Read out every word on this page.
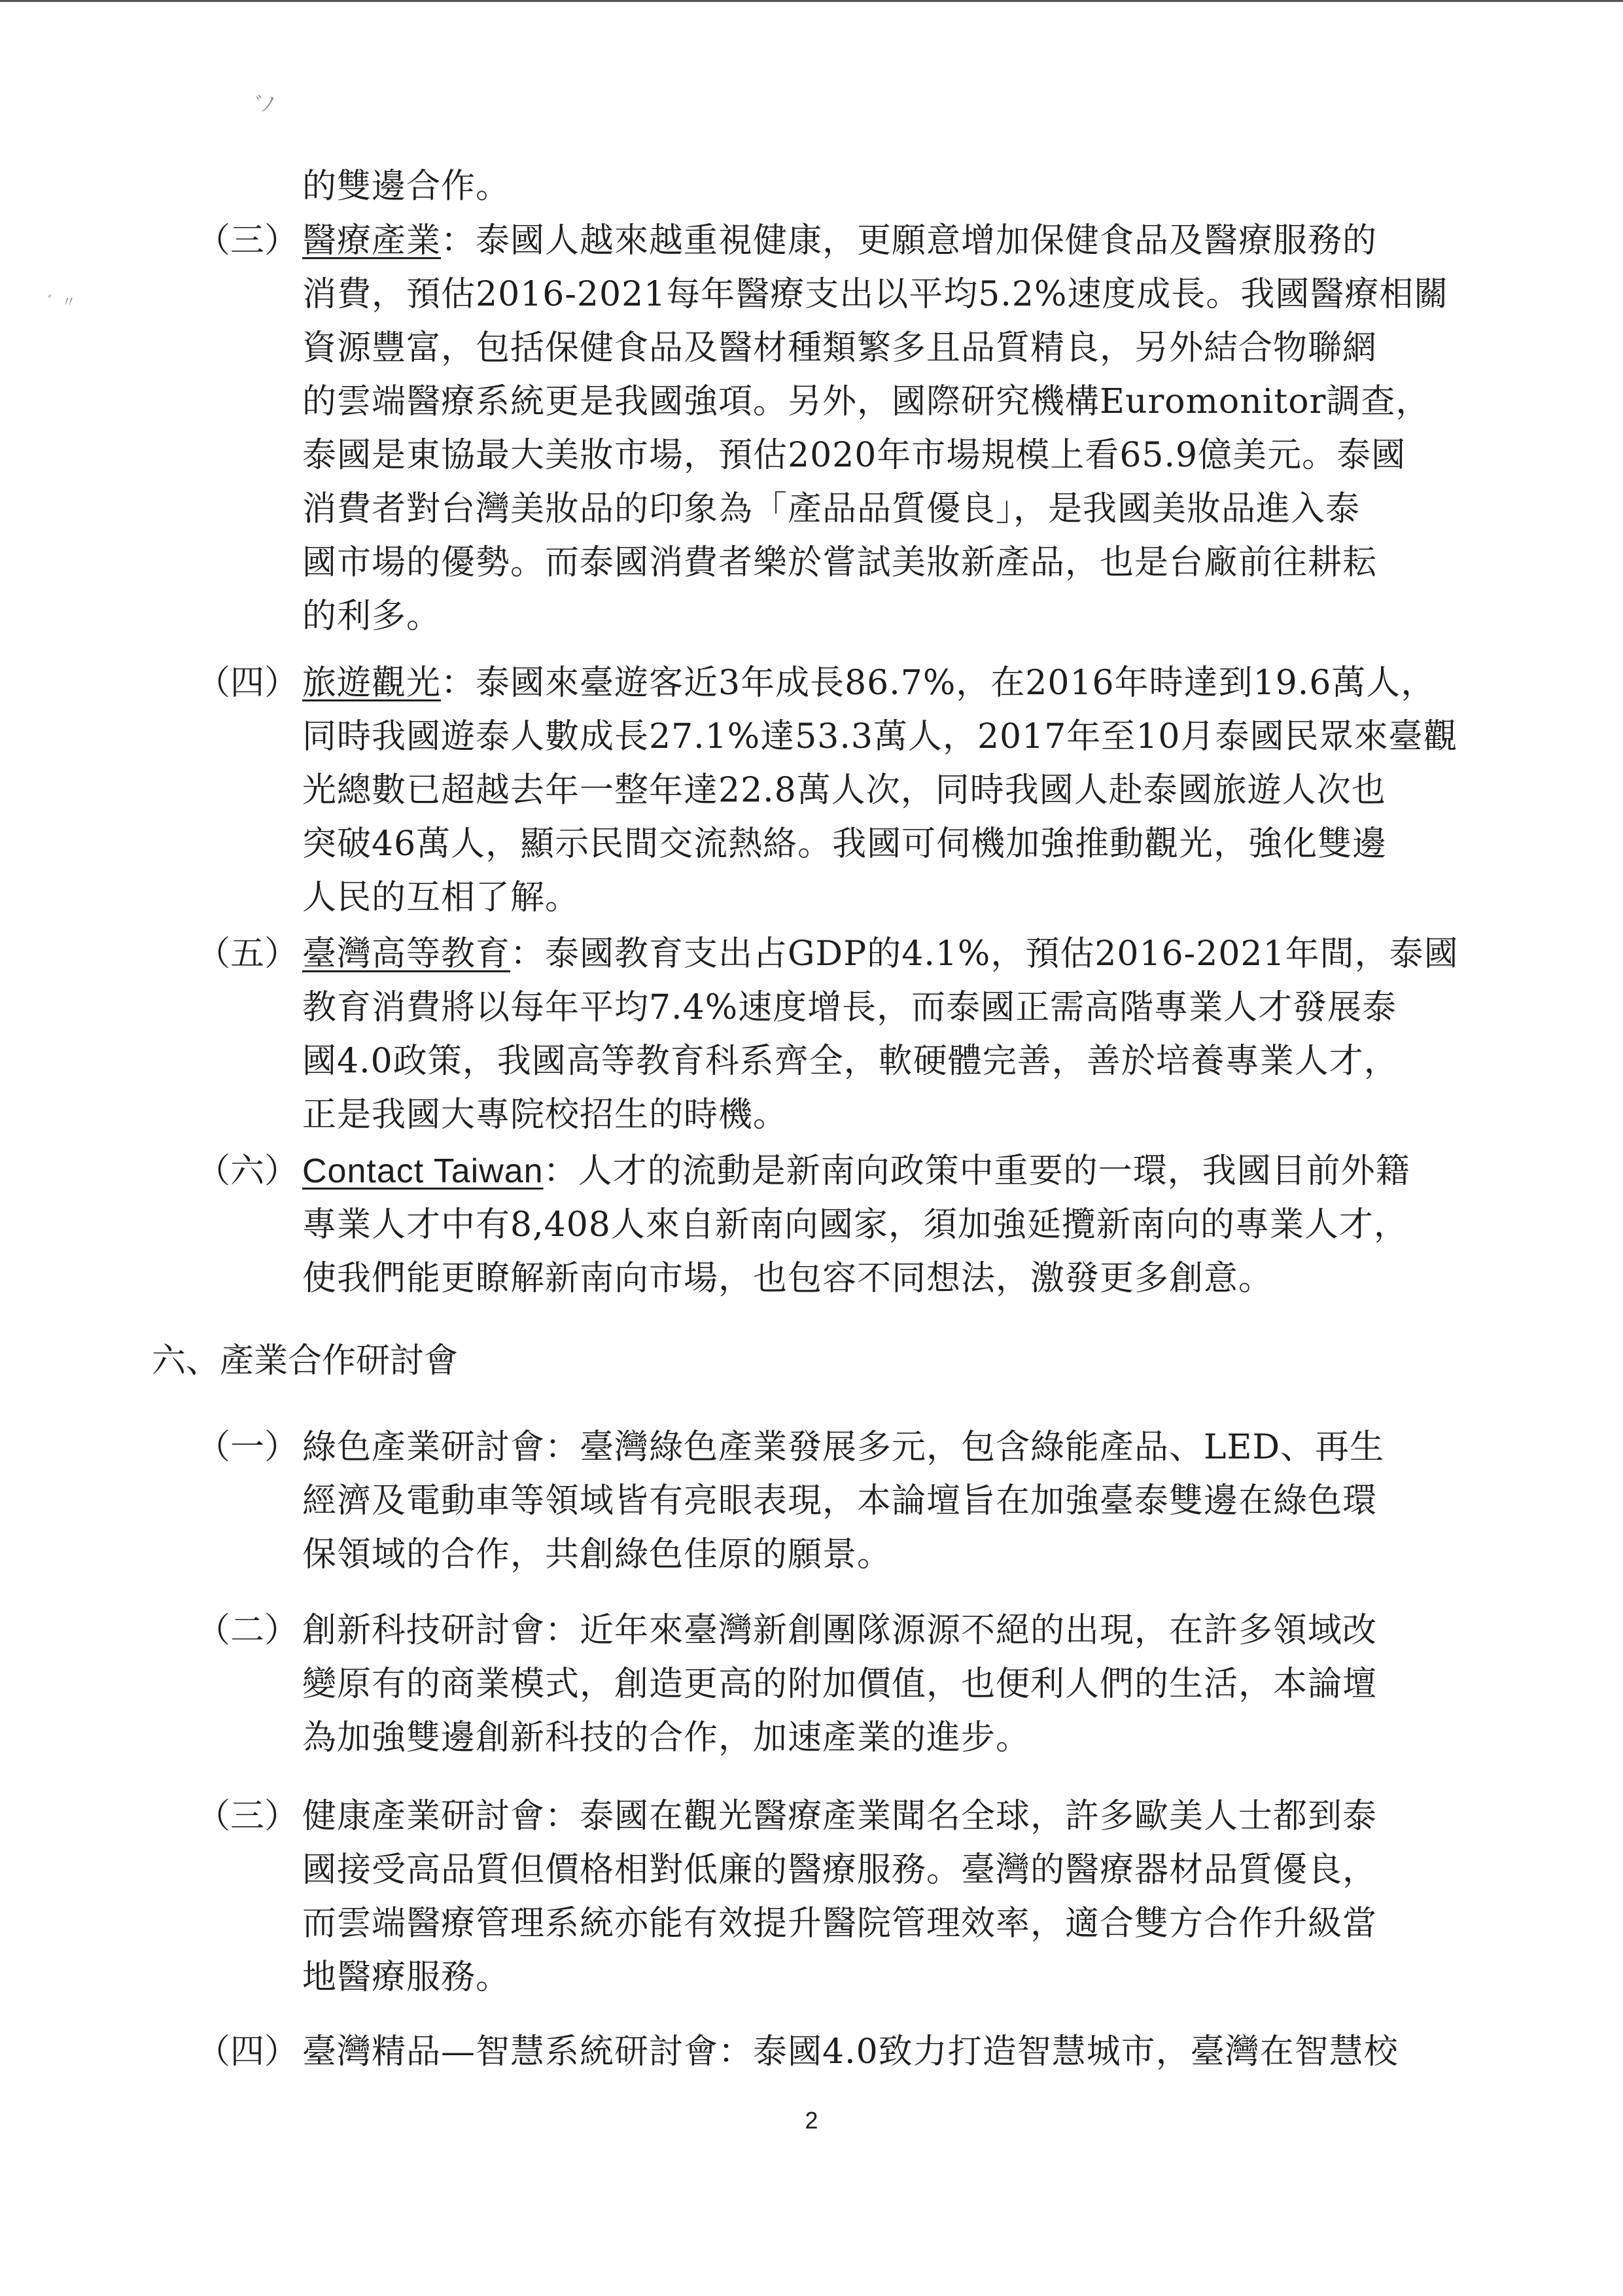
ﾞﾉ
゛〃
的雙邊合作。
（三） 醫療產業：泰國人越來越重視健康，更願意增加保健食品及醫療服務的
消費，預估2016-2021每年醫療支出以平均5.2%速度成長。我國醫療相關
資源豐富，包括保健食品及醫材種類繁多且品質精良，另外結合物聯網
的雲端醫療系統更是我國強項。另外，國際研究機構Euromonitor調查，
泰國是東協最大美妝市場，預估2020年市場規模上看65.9億美元。泰國
消費者對台灣美妝品的印象為「產品品質優良」，是我國美妝品進入泰
國市場的優勢。而泰國消費者樂於嘗試美妝新產品，也是台廠前往耕耘
的利多。
（四） 旅遊觀光：泰國來臺遊客近3年成長86.7%，在2016年時達到19.6萬人，
同時我國遊泰人數成長27.1%達53.3萬人，2017年至10月泰國民眾來臺觀
光總數已超越去年一整年達22.8萬人次，同時我國人赴泰國旅遊人次也
突破46萬人，顯示民間交流熱絡。我國可伺機加強推動觀光，強化雙邊
人民的互相了解。
（五） 臺灣高等教育：泰國教育支出占GDP的4.1%，預估2016-2021年間，泰國
教育消費將以每年平均7.4%速度增長，而泰國正需高階專業人才發展泰
國4.0政策，我國高等教育科系齊全，軟硬體完善，善於培養專業人才，
正是我國大專院校招生的時機。
（六） Contact Taiwan：人才的流動是新南向政策中重要的一環，我國目前外籍
專業人才中有8,408人來自新南向國家，須加強延攬新南向的專業人才，
使我們能更瞭解新南向市場，也包容不同想法，激發更多創意。
六、產業合作研討會
（一） 綠色產業研討會：臺灣綠色產業發展多元，包含綠能產品、LED、再生
經濟及電動車等領域皆有亮眼表現，本論壇旨在加強臺泰雙邊在綠色環
保領域的合作，共創綠色佳原的願景。
（二） 創新科技研討會：近年來臺灣新創團隊源源不絕的出現，在許多領域改
變原有的商業模式，創造更高的附加價值，也便利人們的生活，本論壇
為加強雙邊創新科技的合作，加速產業的進步。
（三） 健康產業研討會：泰國在觀光醫療產業聞名全球，許多歐美人士都到泰
國接受高品質但價格相對低廉的醫療服務。臺灣的醫療器材品質優良，
而雲端醫療管理系統亦能有效提升醫院管理效率，適合雙方合作升級當
地醫療服務。
（四） 臺灣精品—智慧系統研討會：泰國4.0致力打造智慧城市，臺灣在智慧校
2
